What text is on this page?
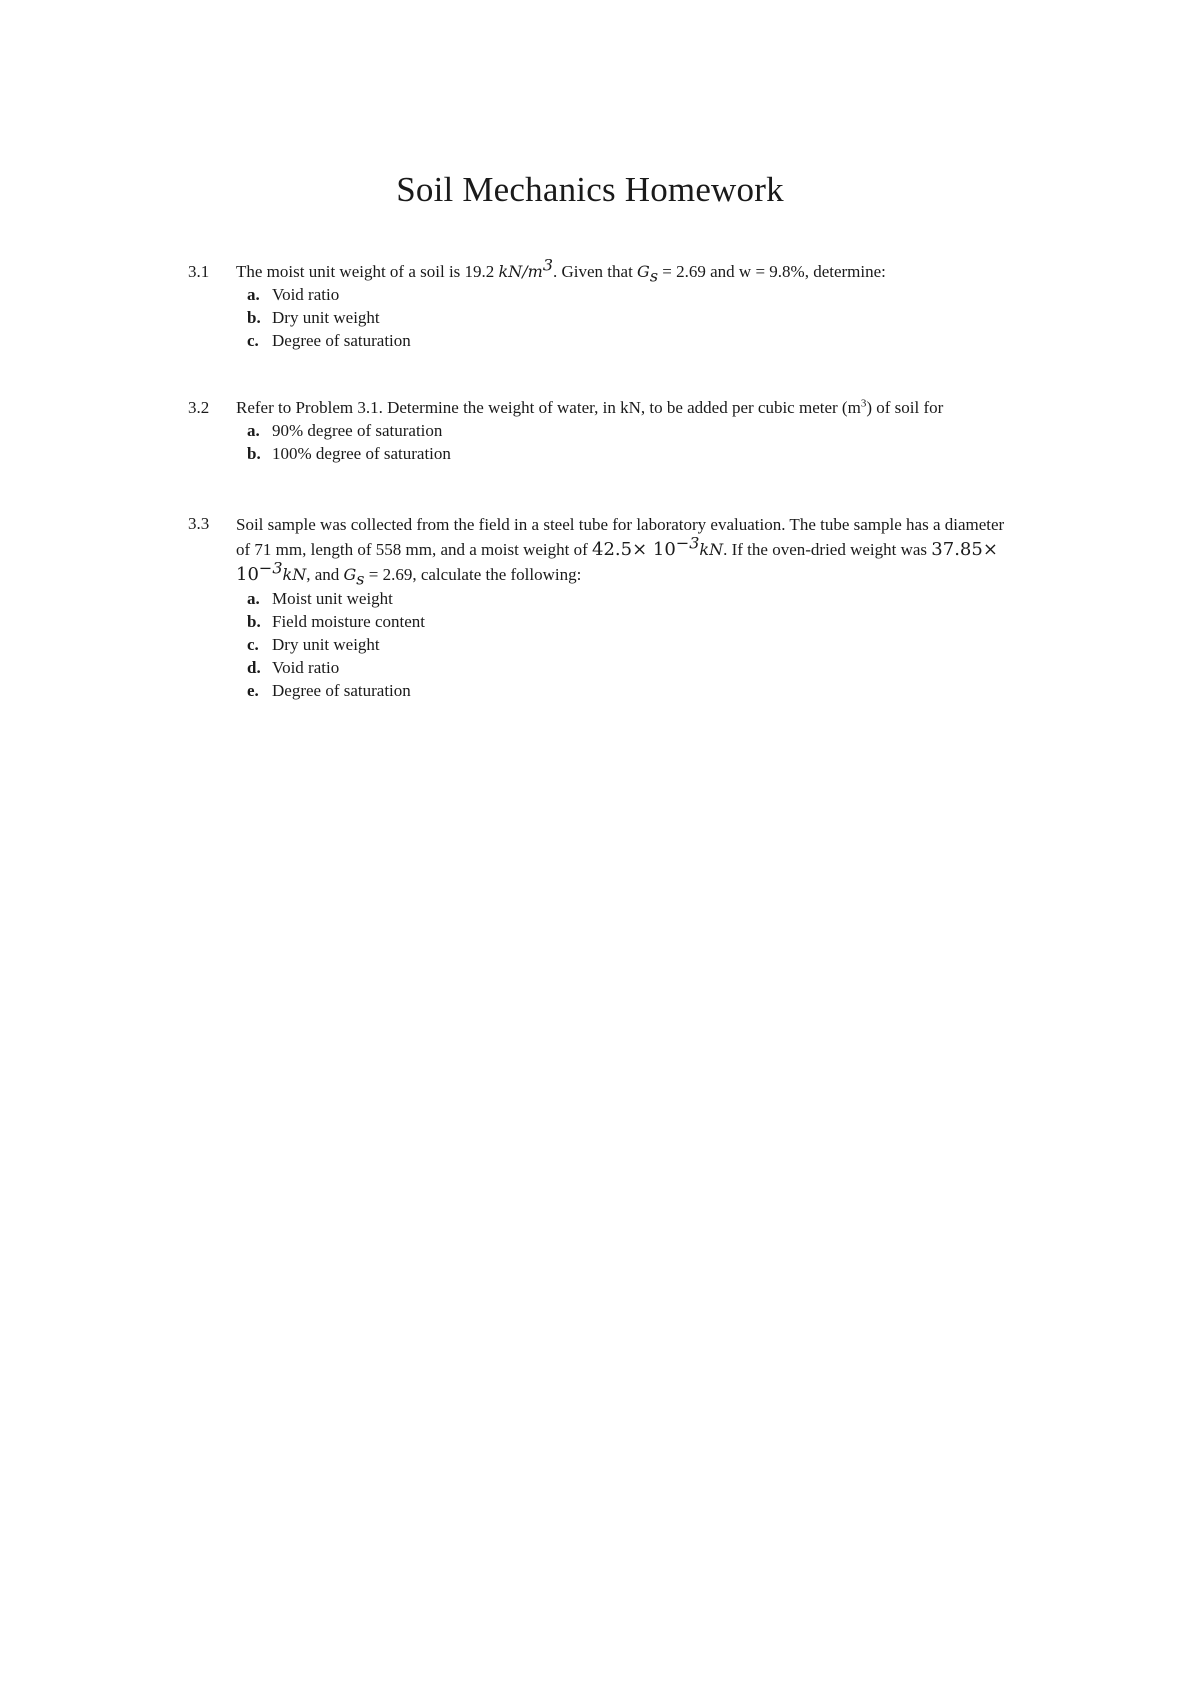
Soil Mechanics Homework
3.1	The moist unit weight of a soil is 19.2 $kN/m^3$. Given that $G_s = 2.69$ and w = 9.8%, determine:
a. Void ratio
b. Dry unit weight
c. Degree of saturation
3.2	Refer to Problem 3.1. Determine the weight of water, in kN, to be added per cubic meter $(m^3)$ of soil for
a. 90% degree of saturation
b. 100% degree of saturation
3.3	Soil sample was collected from the field in a steel tube for laboratory evaluation. The tube sample has a diameter of 71 mm, length of 558 mm, and a moist weight of $42.5\times 10^{-3}kN$. If the oven-dried weight was $37.85\times 10^{-3}kN$, and $G_s = 2.69$, calculate the following:
a. Moist unit weight
b. Field moisture content
c. Dry unit weight
d. Void ratio
e. Degree of saturation
